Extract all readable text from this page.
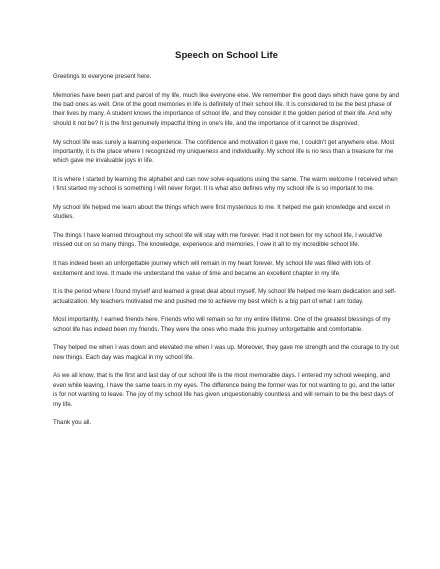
Speech on School Life

Greetings to everyone present here.

Memories have been part and parcel of my life, much like everyone else. We remember the good days which have gone by and the bad ones as well. One of the good memories in life is definitely of their school life. It is considered to be the best phase of their lives by many. A student knows the importance of school life, and they consider it the golden period of their life. And why should it not be? It is the first genuinely impactful thing in one's life, and the importance of it cannot be disproved.

My school life was surely a learning experience. The confidence and motivation it gave me, I couldn't get anywhere else. Most importantly, it is the place where I recognized my uniqueness and individuality. My school life is no less than a treasure for me which gave me invaluable joys in life.

It is where I started by learning the alphabet and can now solve equations using the same. The warm welcome I received when I first started my school is something I will never forget. It is what also defines why my school life is so important to me.

My school life helped me learn about the things which were first mysterious to me. It helped me gain knowledge and excel in studies.

The things I have learned throughout my school life will stay with me forever. Had it not been for my school life, I would've missed out on so many things. The knowledge, experience and memories, I owe it all to my incredible school life.

It has indeed been an unforgettable journey which will remain in my heart forever. My school life was filled with lots of excitement and love. It made me understand the value of time and became an excellent chapter in my life.

It is the period where I found myself and learned a great deal about myself. My school life helped me learn dedication and self-actualization. My teachers motivated me and pushed me to achieve my best which is a big part of what I am today.

Most importantly, I earned friends here. Friends who will remain so for my entire lifetime. One of the greatest blessings of my school life has indeed been my friends. They were the ones who made this journey unforgettable and comfortable.

They helped me when I was down and elevated me when I was up. Moreover, they gave me strength and the courage to try out new things. Each day was magical in my school life.

As we all know, that is the first and last day of our school life is the most memorable days. I entered my school weeping, and even while leaving, I have the same tears in my eyes. The difference being the former was for not wanting to go, and the latter is for not wanting to leave. The joy of my school life has given unquestionably countless and will remain to be the best days of my life.

Thank you all.
